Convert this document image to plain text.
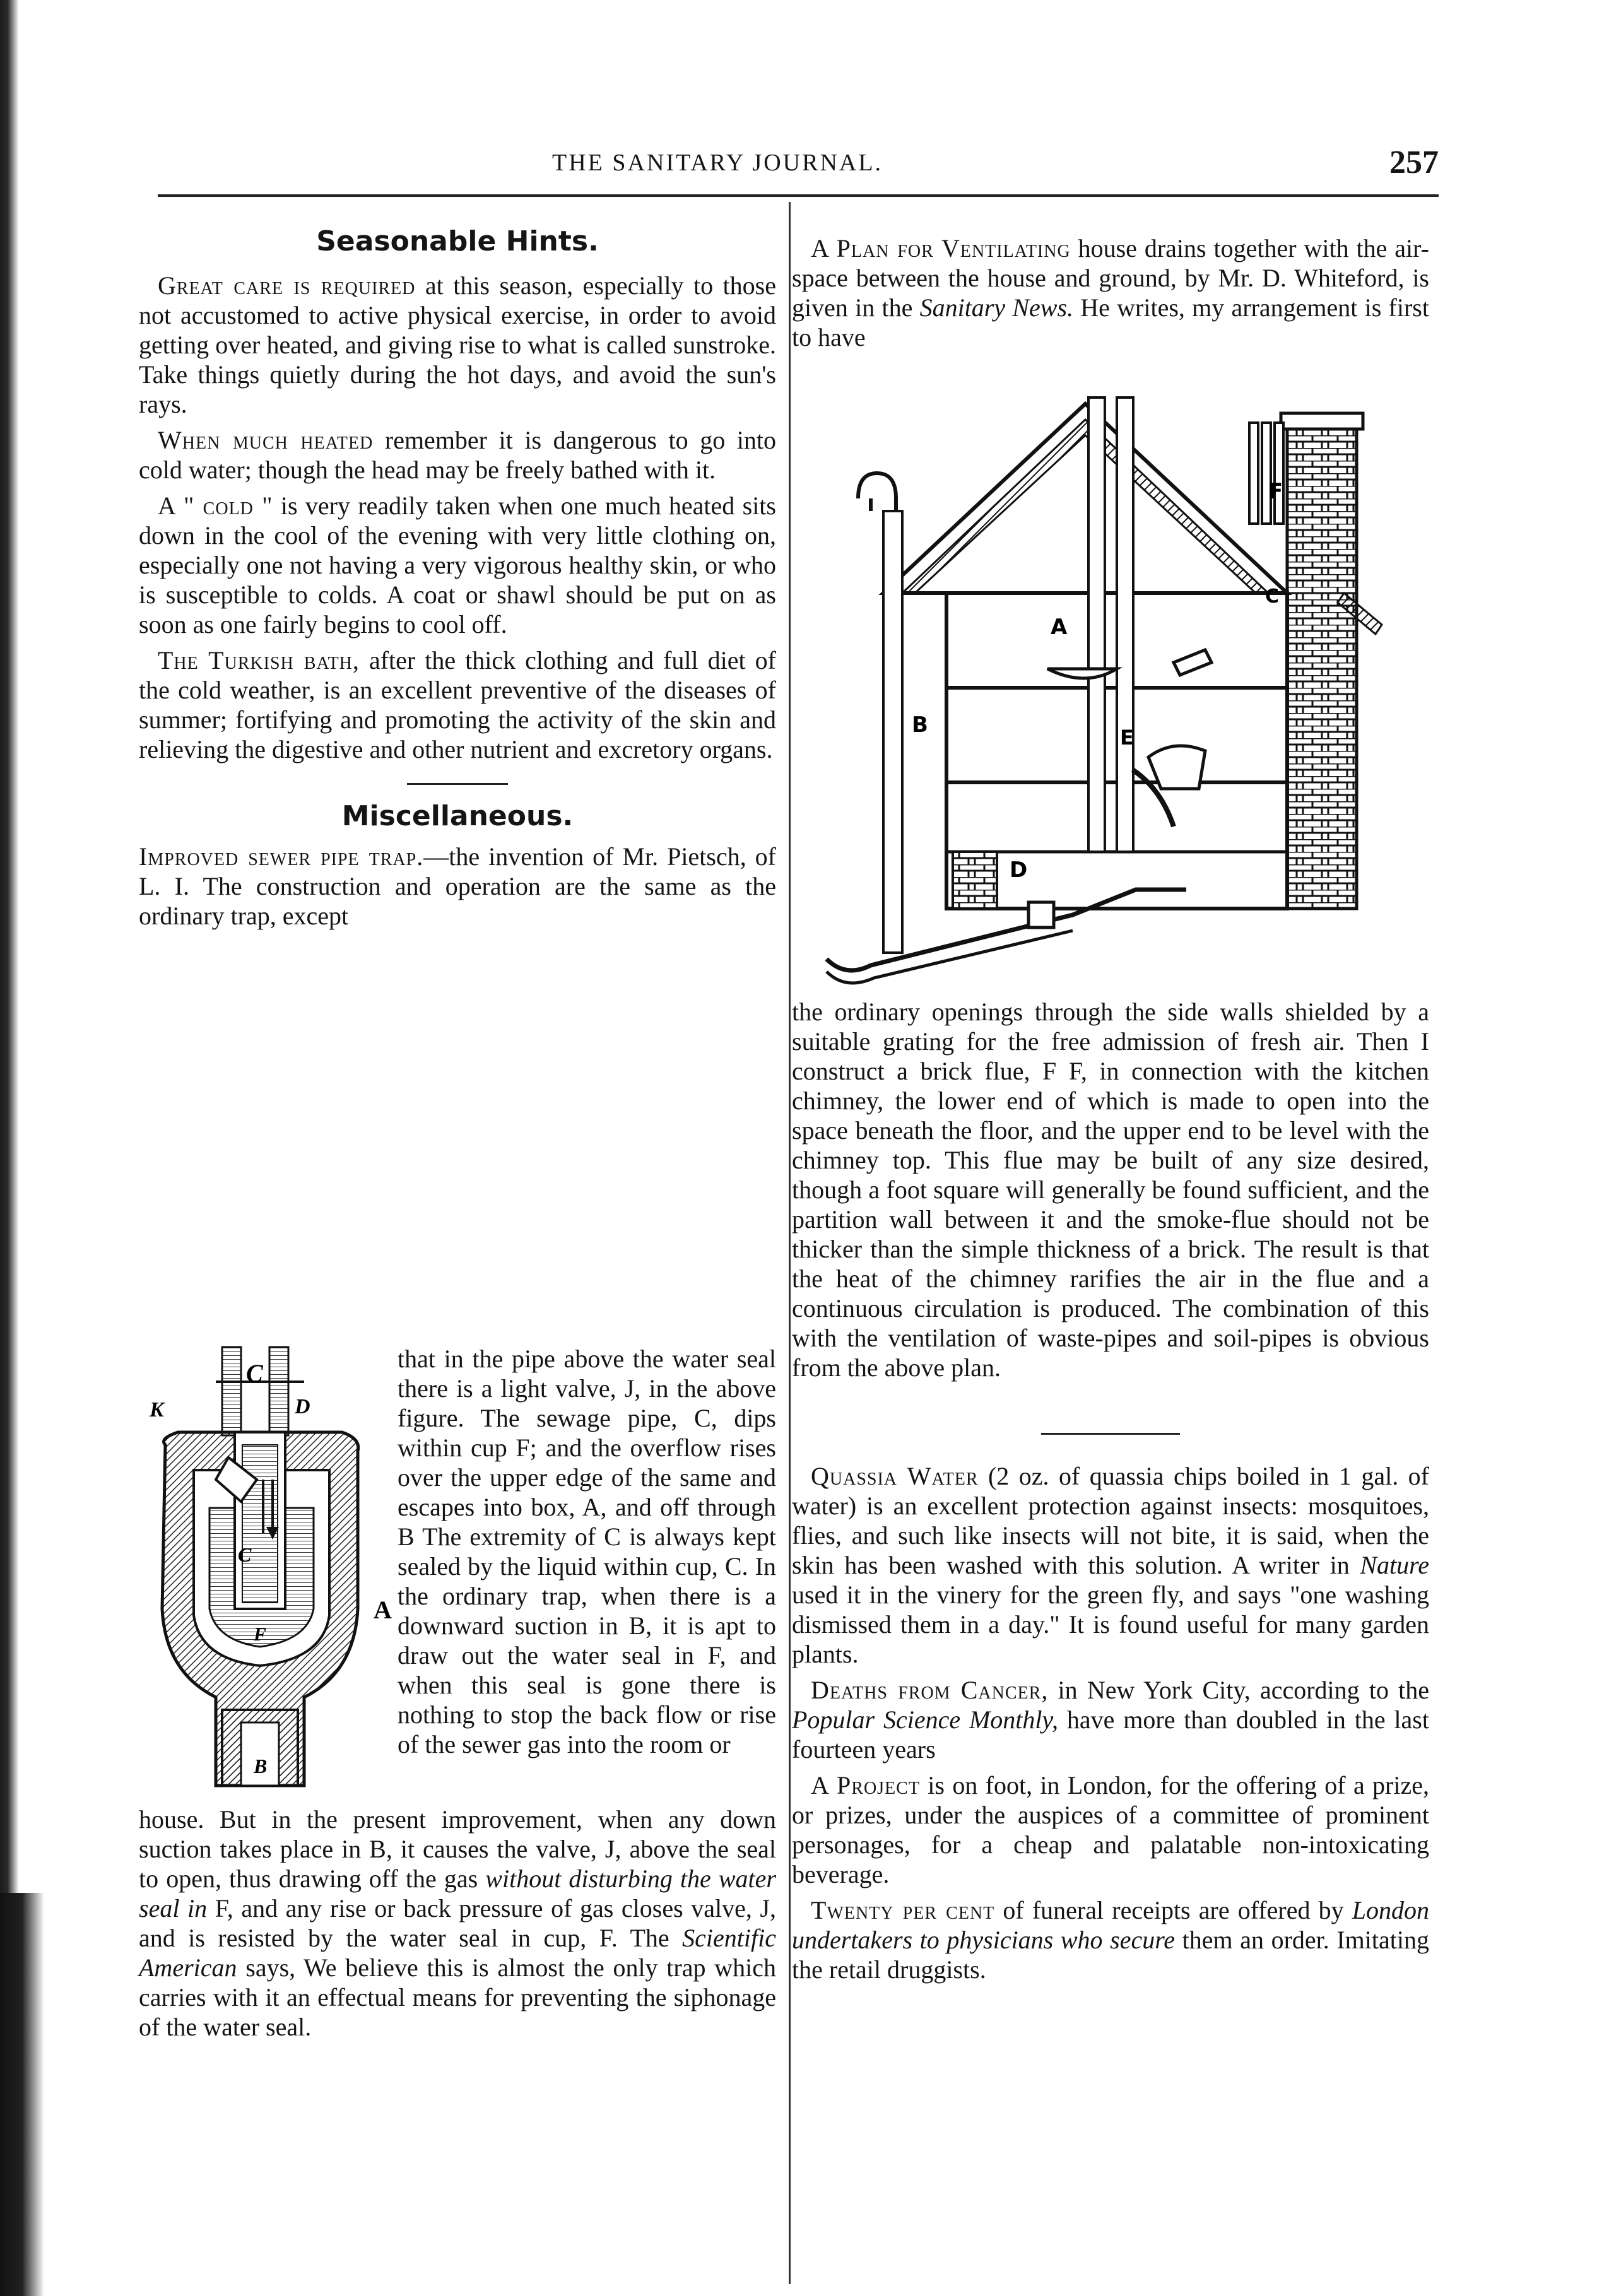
THE SANITARY JOURNAL.	257
Seasonable Hints.
Great care is required at this season, especially to those not accustomed to active physical exercise, in order to avoid getting over heated, and giving rise to what is called sunstroke. Take things quietly during the hot days, and avoid the sun's rays.
When much heated remember it is dangerous to go into cold water; though the head may be freely bathed with it.
A " cold " is very readily taken when one much heated sits down in the cool of the evening with very little clothing on, especially one not having a very vigorous healthy skin, or who is susceptible to colds. A coat or shawl should be put on as soon as one fairly begins to cool off.
The Turkish bath, after the thick clothing and full diet of the cold weather, is an excellent preventive of the diseases of summer; fortifying and promoting the activity of the skin and relieving the digestive and other nutrient and excretory organs.
Miscellaneous.
Improved sewer pipe trap.—the invention of Mr. Pietsch, of L. I. The construction and operation are the same as the ordinary trap, except
K
C
D
A
C
F
B
that in the pipe above the water seal there is a light valve, J, in the above figure. The sewage pipe, C, dips within cup F; and the overflow rises over the upper edge of the same and escapes into box, A, and off through B The extremity of C is always kept sealed by the liquid within cup, C. In the ordinary trap, when there is a downward suction in B, it is apt to draw out the water seal in F, and when this seal is gone there is nothing to stop the back flow or rise of the sewer gas into the room or
house. But in the present improvement, when any down suction takes place in B, it causes the valve, J, above the seal to open, thus drawing off the gas without disturbing the water seal in F, and any rise or back pressure of gas closes valve, J, and is resisted by the water seal in cup, F. The Scientific American says, We believe this is almost the only trap which carries with it an effectual means for preventing the siphonage of the water seal.
A Plan for Ventilating house drains together with the air-space between the house and ground, by Mr. D. Whiteford, is given in the Sanitary News. He writes, my arrangement is first to have
F
C
A
B	E
D
the ordinary openings through the side walls shielded by a suitable grating for the free admission of fresh air. Then I construct a brick flue, F F, in connection with the kitchen chimney, the lower end of which is made to open into the space beneath the floor, and the upper end to be level with the chimney top. This flue may be built of any size desired, though a foot square will generally be found sufficient, and the partition wall between it and the smoke-flue should not be thicker than the simple thickness of a brick. The result is that the heat of the chimney rarifies the air in the flue and a continuous circulation is produced. The combination of this with the ventilation of waste-pipes and soil-pipes is obvious from the above plan.
Quassia Water (2 oz. of quassia chips boiled in 1 gal. of water) is an excellent protection against insects: mosquitoes, flies, and such like insects will not bite, it is said, when the skin has been washed with this solution. A writer in Nature used it in the vinery for the green fly, and says "one washing dismissed them in a day." It is found useful for many garden plants.
Deaths from Cancer, in New York City, according to the Popular Science Monthly, have more than doubled in the last fourteen years
A Project is on foot, in London, for the offering of a prize, or prizes, under the auspices of a committee of prominent personages, for a cheap and palatable non-intoxicating beverage.
Twenty per cent of funeral receipts are offered by London undertakers to physicians who secure them an order. Imitating the retail druggists.
